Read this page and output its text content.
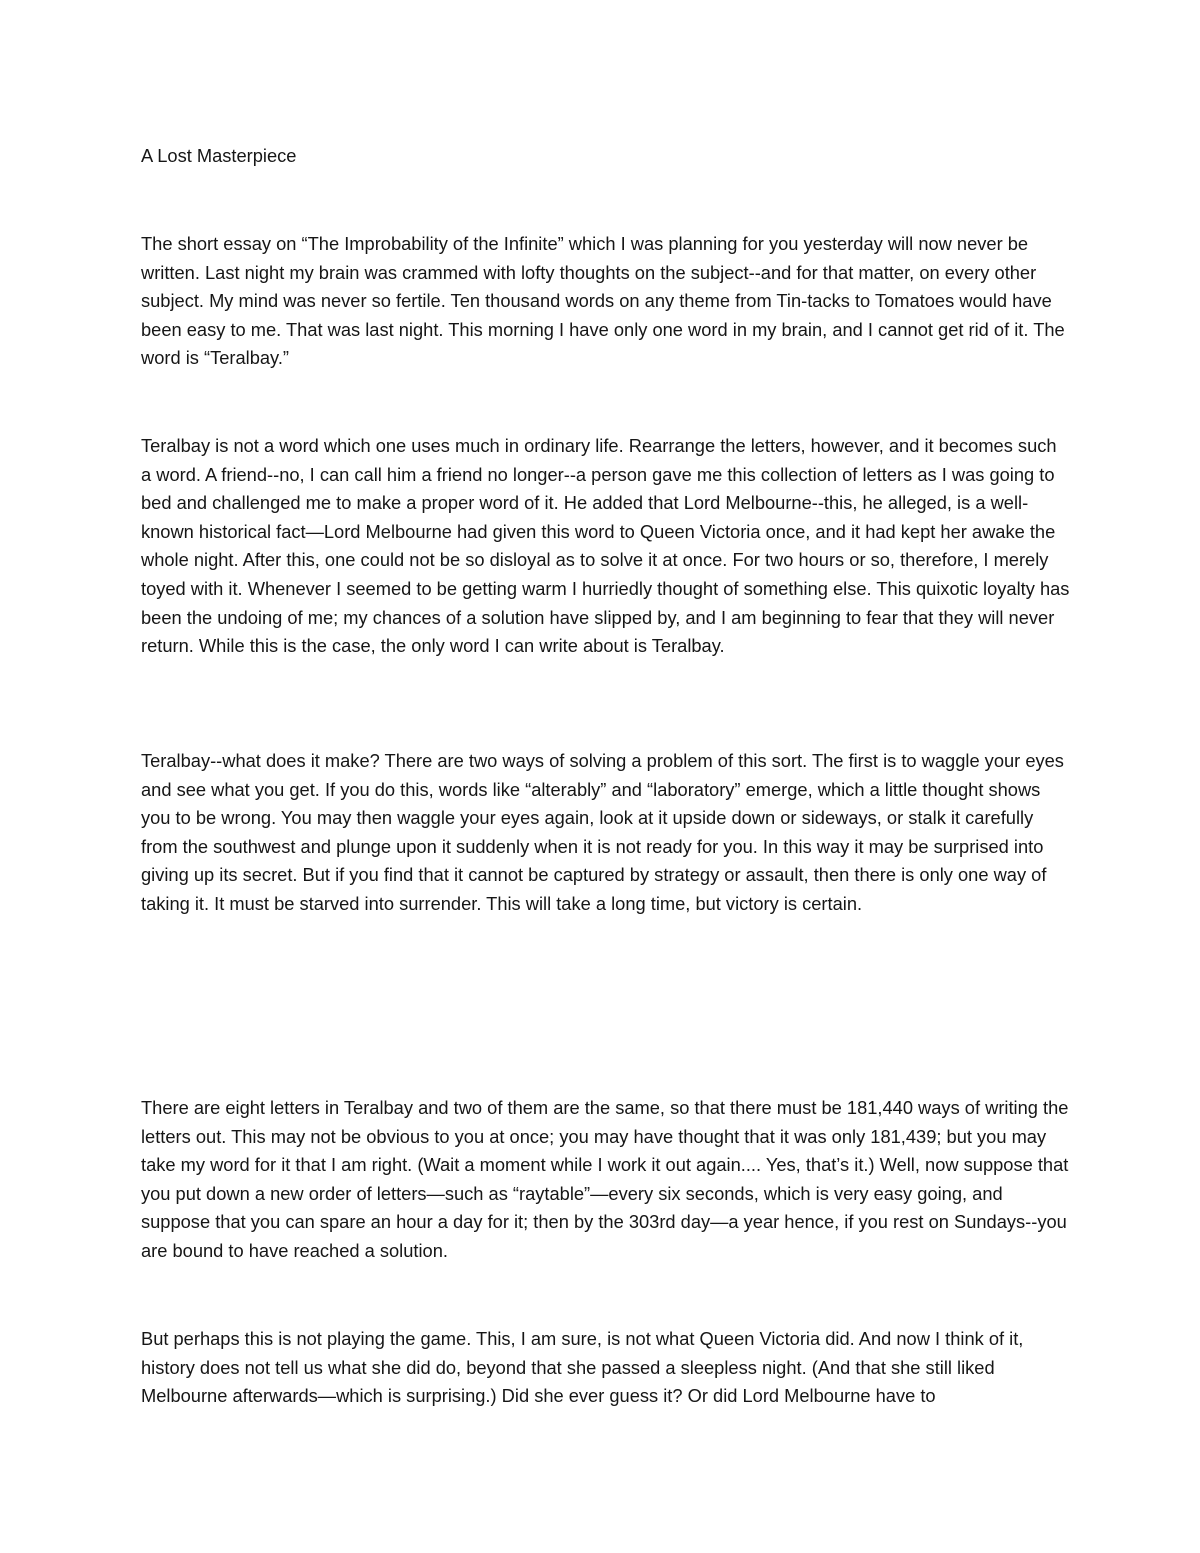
A Lost Masterpiece

The short essay on “The Improbability of the Infinite” which I was planning for you yesterday will now never be written. Last night my brain was crammed with lofty thoughts on the subject--and for that matter, on every other subject. My mind was never so fertile. Ten thousand words on any theme from Tin-tacks to Tomatoes would have been easy to me. That was last night. This morning I have only one word in my brain, and I cannot get rid of it. The word is “Teralbay.”

Teralbay is not a word which one uses much in ordinary life. Rearrange the letters, however, and it becomes such a word. A friend--no, I can call him a friend no longer--a person gave me this collection of letters as I was going to bed and challenged me to make a proper word of it. He added that Lord Melbourne--this, he alleged, is a well-known historical fact—Lord Melbourne had given this word to Queen Victoria once, and it had kept her awake the whole night. After this, one could not be so disloyal as to solve it at once. For two hours or so, therefore, I merely toyed with it. Whenever I seemed to be getting warm I hurriedly thought of something else. This quixotic loyalty has been the undoing of me; my chances of a solution have slipped by, and I am beginning to fear that they will never return. While this is the case, the only word I can write about is Teralbay.

Teralbay--what does it make? There are two ways of solving a problem of this sort. The first is to waggle your eyes and see what you get. If you do this, words like “alterably” and “laboratory” emerge, which a little thought shows you to be wrong. You may then waggle your eyes again, look at it upside down or sideways, or stalk it carefully from the southwest and plunge upon it suddenly when it is not ready for you. In this way it may be surprised into giving up its secret. But if you find that it cannot be captured by strategy or assault, then there is only one way of taking it. It must be starved into surrender. This will take a long time, but victory is certain.

There are eight letters in Teralbay and two of them are the same, so that there must be 181,440 ways of writing the letters out. This may not be obvious to you at once; you may have thought that it was only 181,439; but you may take my word for it that I am right. (Wait a moment while I work it out again.... Yes, that’s it.) Well, now suppose that you put down a new order of letters—such as “raytable”—every six seconds, which is very easy going, and suppose that you can spare an hour a day for it; then by the 303rd day—a year hence, if you rest on Sundays--you are bound to have reached a solution.

But perhaps this is not playing the game. This, I am sure, is not what Queen Victoria did. And now I think of it, history does not tell us what she did do, beyond that she passed a sleepless night. (And that she still liked Melbourne afterwards—which is surprising.) Did she ever guess it? Or did Lord Melbourne have to
